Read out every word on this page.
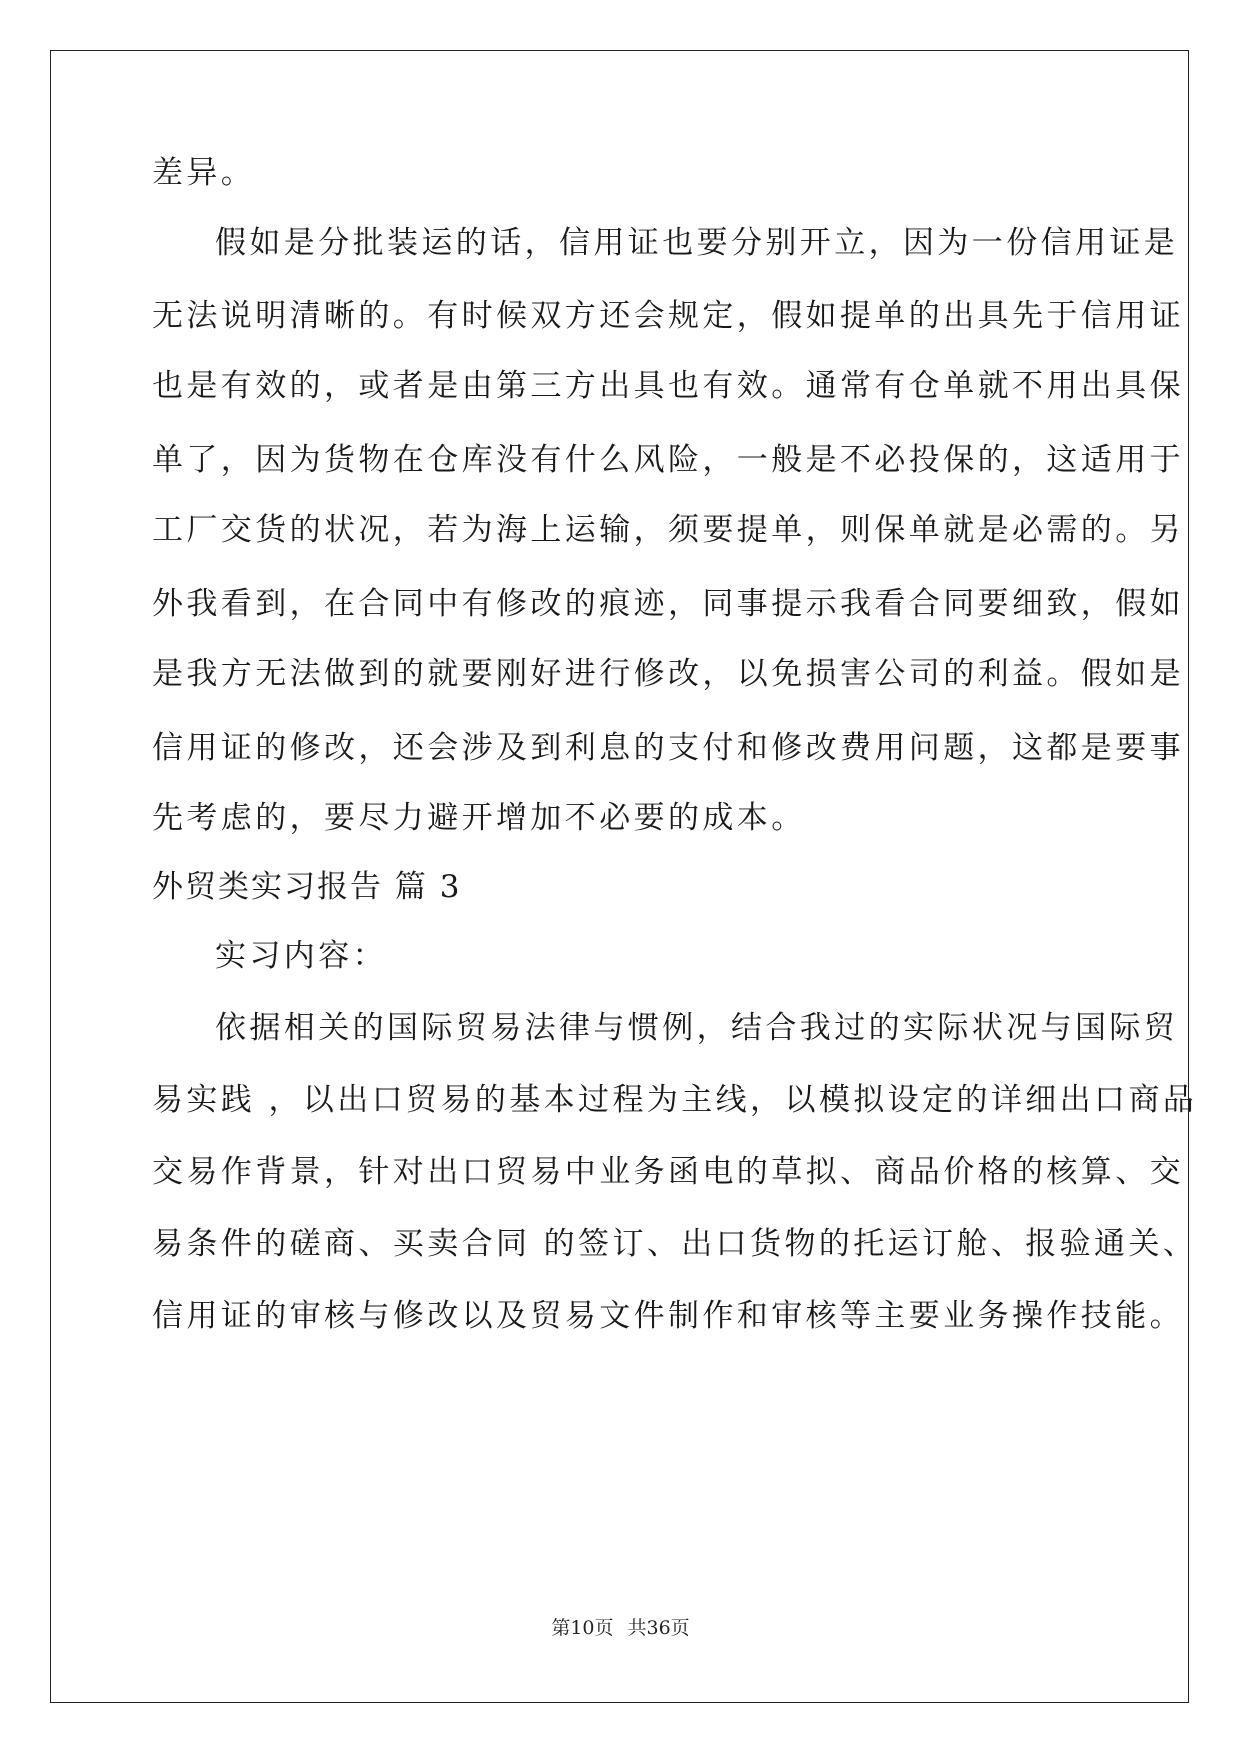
差异。

假如是分批装运的话，信用证也要分别开立，因为一份信用证是

无法说明清晰的。有时候双方还会规定，假如提单的出具先于信用证

也是有效的，或者是由第三方出具也有效。通常有仓单就不用出具保

单了，因为货物在仓库没有什么风险，一般是不必投保的，这适用于

工厂交货的状况，若为海上运输，须要提单，则保单就是必需的。另

外我看到，在合同中有修改的痕迹，同事提示我看合同要细致，假如

是我方无法做到的就要刚好进行修改，以免损害公司的利益。假如是

信用证的修改，还会涉及到利息的支付和修改费用问题，这都是要事

先考虑的，要尽力避开增加不必要的成本。

外贸类实习报告 篇 3

实习内容：

依据相关的国际贸易法律与惯例，结合我过的实际状况与国际贸

易实践 ，以出口贸易的基本过程为主线，以模拟设定的详细出口商品

交易作背景，针对出口贸易中业务函电的草拟、商品价格的核算、交

易条件的磋商、买卖合同 的签订、出口货物的托运订舱、报验通关、

信用证的审核与修改以及贸易文件制作和审核等主要业务操作技能。

第10页 共36页
